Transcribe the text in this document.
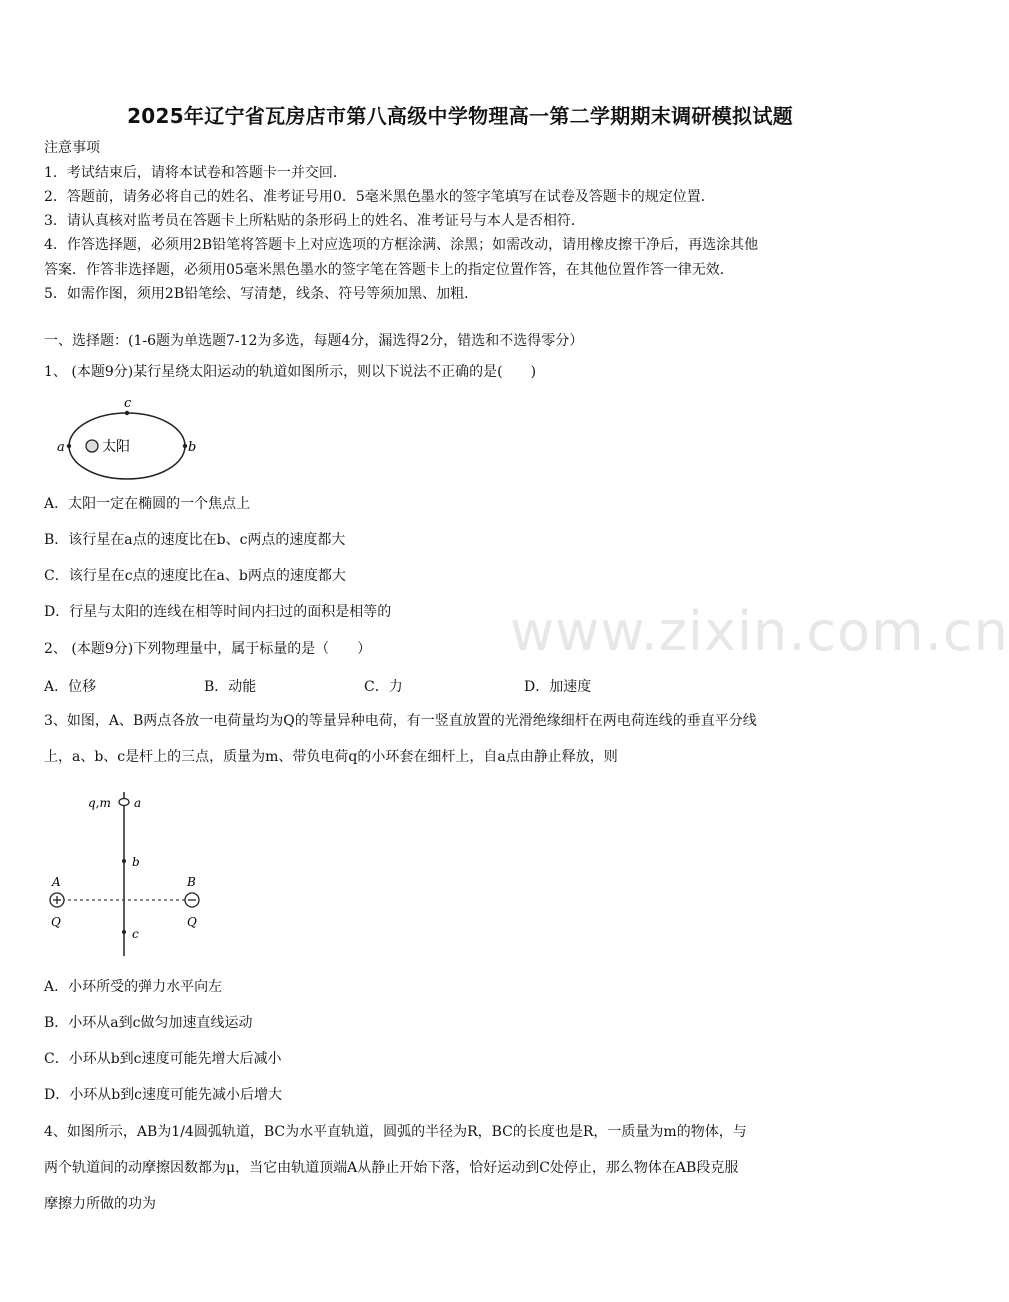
2025年辽宁省瓦房店市第八高级中学物理高一第二学期期末调研模拟试题
注意事项
1．考试结束后，请将本试卷和答题卡一并交回．
2．答题前，请务必将自己的姓名、准考证号用0．5毫米黑色墨水的签字笔填写在试卷及答题卡的规定位置．
3．请认真核对监考员在答题卡上所粘贴的条形码上的姓名、准考证号与本人是否相符．
4．作答选择题，必须用2B铅笔将答题卡上对应选项的方框涂满、涂黑；如需改动，请用橡皮擦干净后，再选涂其他
答案．作答非选择题，必须用05毫米黑色墨水的签字笔在答题卡上的指定位置作答，在其他位置作答一律无效．
5．如需作图，须用2B铅笔绘、写清楚，线条、符号等须加黑、加粗．
一、选择题：(1-6题为单选题7-12为多选，每题4分，漏选得2分，错选和不选得零分）
1、 (本题9分)某行星绕太阳运动的轨道如图所示，则以下说法不正确的是(　　)
太阳
a	b
c
A．太阳一定在椭圆的一个焦点上
B．该行星在a点的速度比在b、c两点的速度都大
C．该行星在c点的速度比在a、b两点的速度都大
D．行星与太阳的连线在相等时间内扫过的面积是相等的 www.zixin.com.cn
2、 (本题9分)下列物理量中，属于标量的是（　　）
A．位移	B．动能	C．力	D．加速度
3、如图，A、B两点各放一电荷量均为Q的等量异种电荷，有一竖直放置的光滑绝缘细杆在两电荷连线的垂直平分线
上，a、b、c是杆上的三点，质量为m、带负电荷q的小环套在细杆上，自a点由静止释放，则
q,m a
b
c
A	B
Q	Q
A．小环所受的弹力水平向左
B．小环从a到c做匀加速直线运动
C．小环从b到c速度可能先增大后减小
D．小环从b到c速度可能先减小后增大
4、如图所示，AB为1/4圆弧轨道，BC为水平直轨道，圆弧的半径为R，BC的长度也是R，一质量为m的物体，与
两个轨道间的动摩擦因数都为μ，当它由轨道顶端A从静止开始下落，恰好运动到C处停止，那么物体在AB段克服
摩擦力所做的功为
